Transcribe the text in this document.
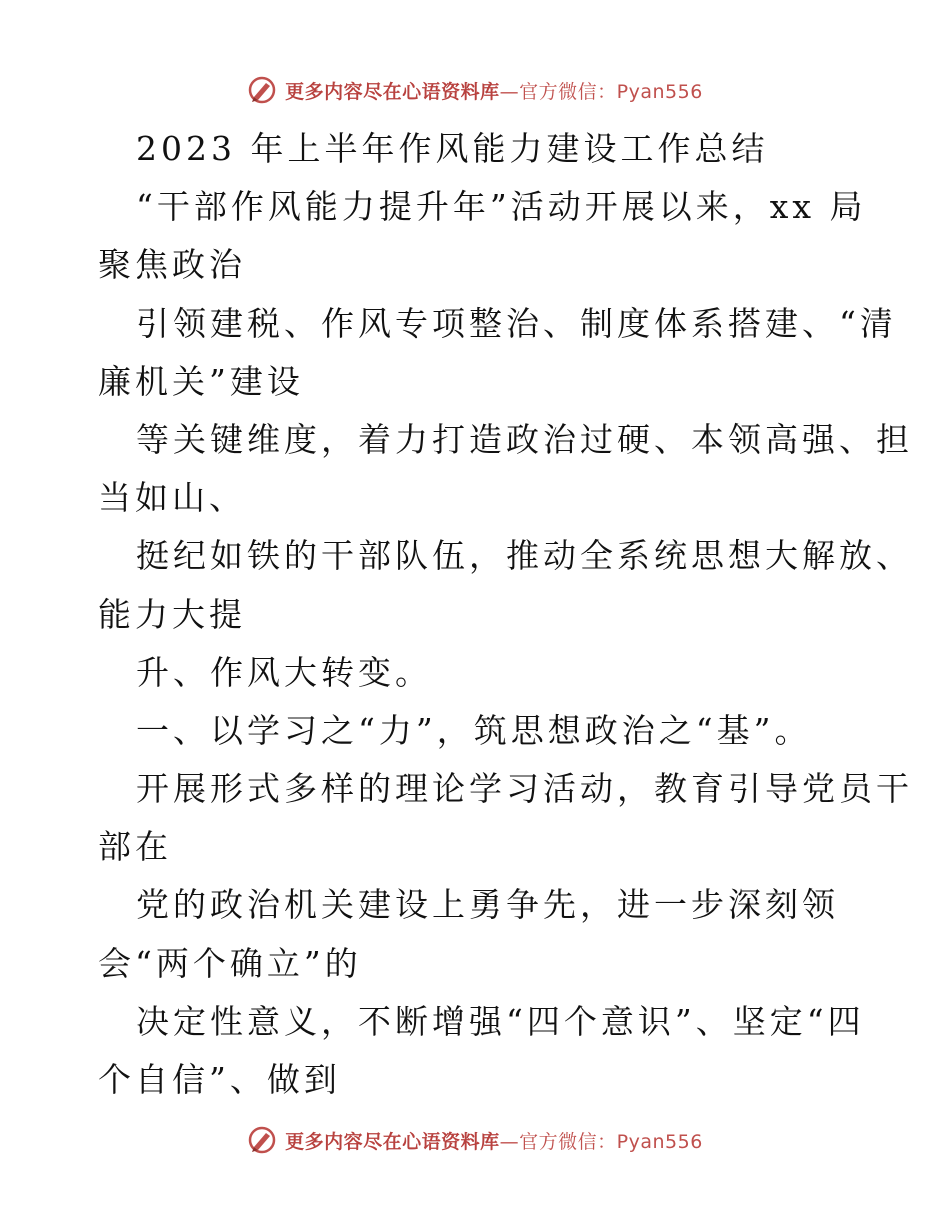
更多内容尽在心语资料库—官方微信：Pyan556
2023 年上半年作风能力建设工作总结
“干部作风能力提升年”活动开展以来，xx 局
聚焦政治
引领建税、作风专项整治、制度体系搭建、“清
廉机关”建设
等关键维度，着力打造政治过硬、本领高强、担
当如山、
挺纪如铁的干部队伍，推动全系统思想大解放、
能力大提
升、作风大转变。
一、以学习之“力”，筑思想政治之“基”。
开展形式多样的理论学习活动，教育引导党员干
部在
党的政治机关建设上勇争先，进一步深刻领
会“两个确立”的
决定性意义，不断增强“四个意识”、坚定“四
个自信”、做到
更多内容尽在心语资料库—官方微信：Pyan556
